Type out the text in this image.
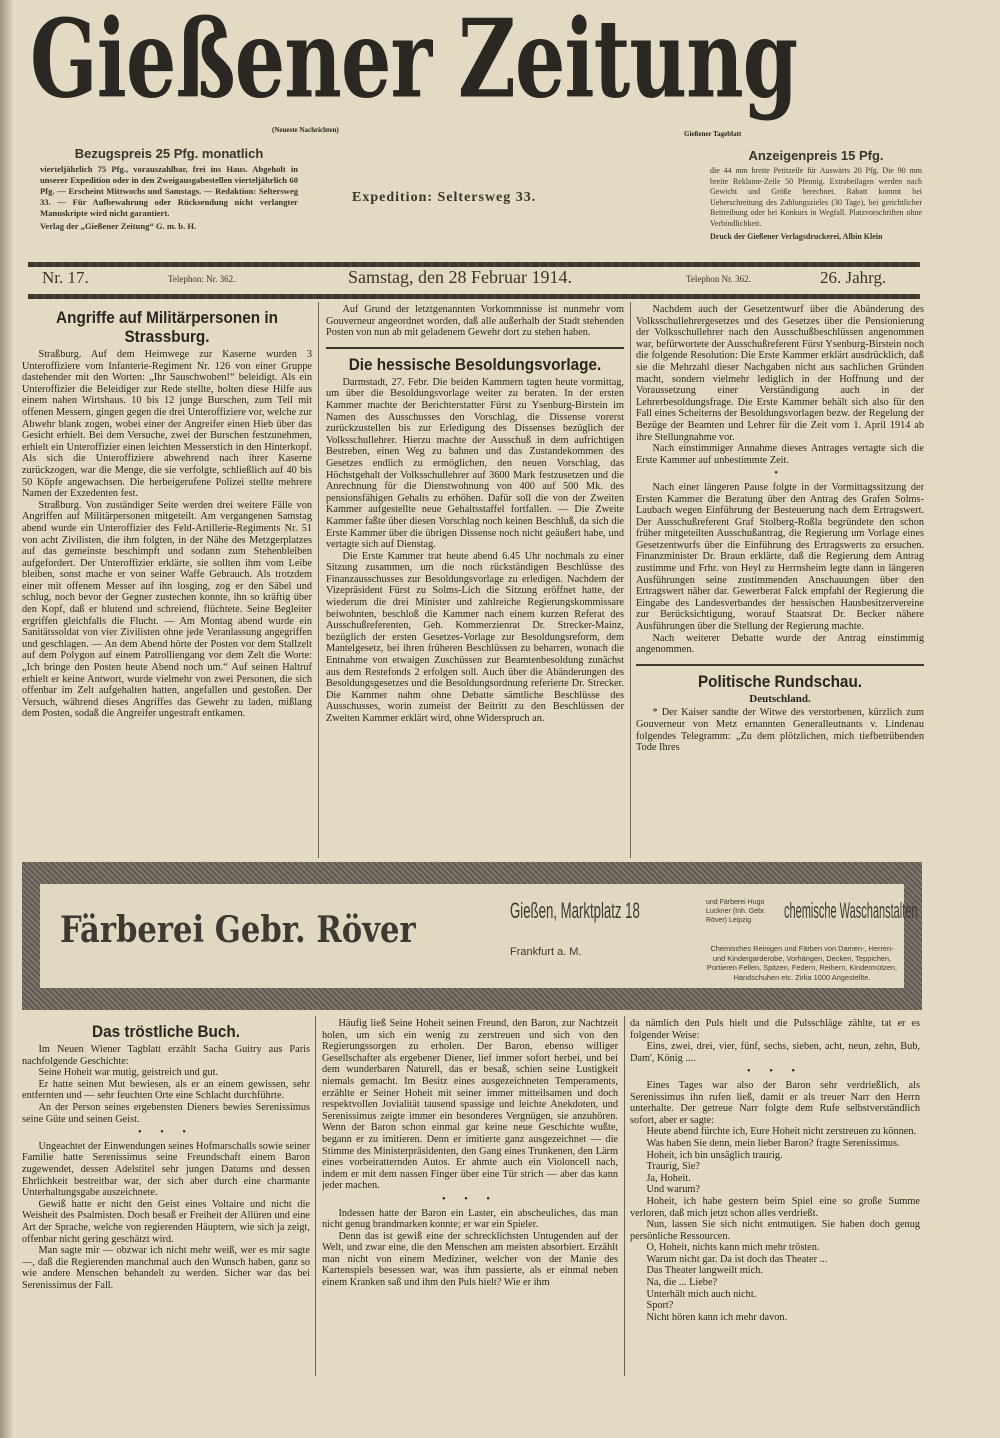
Gießener Zeitung
(Neueste Nachrichten)	Gießener Tageblatt
Bezugspreis 25 Pfg. monatlich

vierteljährlich 75 Pfg., vorauszahlbar, frei ins Haus. Abgeholt in unserer Expedition oder in den Zweigausgabestellen vierteljährlich 60 Pfg. — Erscheint Mittwochs und Samstags. — Redaktion: Seltersweg 33. — Für Aufbewahrung oder Rücksendung nicht verlangter Manuskripte wird nicht garantiert.

Verlag der „Gießener Zeitung“ G. m. b. H.

Expedition: Seltersweg 33.
Anzeigenpreis 15 Pfg.

die 44 mm breite Petitzeile für Auswärts 20 Pfg. Die 90 mm breite Reklame-Zeile 50 Pfennig. Extrabeilagen werden nach Gewicht und Größe berechnet. Rabatt kommt bei Ueberschreitung des Zahlungszieles (30 Tage), bei gerichtlicher Beitreibung oder bei Konkurs in Wegfall. Platzvorschriften ohne Verbindlichkeit.

Druck der Gießener Verlagsdruckerei, Albin Klein

Nr. 17.	Telephon: Nr. 362.	Samstag, den 28 Februar 1914.	Telephon Nr. 362.	26. Jahrg.
Angriffe auf Militärpersonen in Strassburg.

Straßburg. Auf dem Heimwege zur Kaserne wurden 3 Unteroffiziere vom Infanterie-Regiment Nr. 126 von einer Gruppe dastehender mit den Worten: „Ihr Sauschwoben!“ beleidigt. Als ein Unteroffizier die Beleidiger zur Rede stellte, holten diese Hilfe aus einem nahen Wirtshaus. 10 bis 12 junge Burschen, zum Teil mit offenen Messern, gingen gegen die drei Unteroffiziere vor, welche zur Abwehr blank zogen, wobei einer der Angreifer einen Hieb über das Gesicht erhielt. Bei dem Versuche, zwei der Burschen festzunehmen, erhielt ein Unteroffizier einen leichten Messerstich in den Hinterkopf. Als sich die Unteroffiziere abwehrend nach ihrer Kaserne zurückzogen, war die Menge, die sie verfolgte, schließlich auf 40 bis 50 Köpfe angewachsen. Die herbeigerufene Polizei stellte mehrere Namen der Exzedenten fest.

Straßburg. Von zuständiger Seite werden drei weitere Fälle von Angriffen auf Militärpersonen mitgeteilt. Am vergangenen Samstag abend wurde ein Unteroffizier des Feld-Artillerie-Regiments Nr. 51 von acht Zivilisten, die ihm folgten, in der Nähe des Metzgerplatzes auf das gemeinste beschimpft und sodann zum Stehenbleiben aufgefordert. Der Unteroffizier erklärte, sie sollten ihm vom Leibe bleiben, sonst mache er von seiner Waffe Gebrauch. Als trotzdem einer mit offenem Messer auf ihn losging, zog er den Säbel und schlug, noch bevor der Gegner zustechen konnte, ihn so kräftig über den Kopf, daß er blutend und schreiend, flüchtete. Seine Begleiter ergriffen gleichfalls die Flucht. — Am Montag abend wurde ein Sanitätssoldat von vier Zivilisten ohne jede Veranlassung angegriffen und geschlagen. — An dem Abend hörte der Posten vor dem Stallzelt auf dem Polygon auf einem Patrolliengang vor dem Zelt die Worte: „Ich bringe den Posten heute Abend noch um.“ Auf seinen Haltruf erhielt er keine Antwort, wurde vielmehr von zwei Personen, die sich offenbar im Zelt aufgehalten hatten, angefallen und gestoßen. Der Versuch, während dieses Angriffes das Gewehr zu laden, mißlang dem Posten, sodaß die Angreifer ungestraft entkamen.

Auf Grund der letztgenannten Vorkommnisse ist nunmehr vom Gouverneur angeordnet worden, daß alle außerhalb der Stadt stehenden Posten von nun ab mit geladenem Gewehr dort zu stehen haben.

Die hessische Besoldungsvorlage.

Darmstadt, 27. Febr. Die beiden Kammern tagten heute vormittag, um über die Besoldungsvorlage weiter zu beraten. In der ersten Kammer machte der Berichterstatter Fürst zu Ysenburg-Birstein im Namen des Ausschusses den Vorschlag, die Dissense vorerst zurückzustellen bis zur Erledigung des Dissenses bezüglich der Volksschullehrer. Hierzu machte der Ausschuß in dem aufrichtigen Bestreben, einen Weg zu bahnen und das Zustandekommen des Gesetzes endlich zu ermöglichen, den neuen Vorschlag, das Höchstgehalt der Volksschullehrer auf 3600 Mark festzusetzen und die Anrechnung für die Dienstwohnung von 400 auf 500 Mk. des pensionsfähigen Gehalts zu erhöhen. Dafür soll die von der Zweiten Kammer aufgestellte neue Gehaltsstaffel fortfallen. — Die Zweite Kammer faßte über diesen Vorschlag noch keinen Beschluß, da sich die Erste Kammer über die übrigen Dissense noch nicht geäußert habe, und vertagte sich auf Dienstag.

Die Erste Kammer trat heute abend 6.45 Uhr nochmals zu einer Sitzung zusammen, um die noch rückständigen Beschlüsse des Finanzausschusses zur Besoldungsvorlage zu erledigen. Nachdem der Vizepräsident Fürst zu Solms-Lich die Sitzung eröffnet hatte, der wiederum die drei Minister und zahlreiche Regierungskommissare beiwohnten, beschloß die Kammer nach einem kurzen Referat des Ausschußreferenten, Geh. Kommerzienrat Dr. Strecker-Mainz, bezüglich der ersten Gesetzes-Vorlage zur Besoldungsreform, dem Mantelgesetz, bei ihren früheren Beschlüssen zu beharren, wonach die Entnahme von etwaigen Zuschüssen zur Beamtenbesoldung zunächst aus dem Restefonds 2 erfolgen soll. Auch über die Abänderungen des Besoldungsgesetzes und die Besoldungsordnung referierte Dr. Strecker. Die Kammer nahm ohne Debatte sämtliche Beschlüsse des Ausschusses, worin zumeist der Beitritt zu den Beschlüssen der Zweiten Kammer erklärt wird, ohne Widerspruch an.

Nachdem auch der Gesetzentwurf über die Abänderung des Volksschullehrergesetzes und des Gesetzes über die Pensionierung der Volksschullehrer nach den Ausschußbeschlüssen angenommen war, befürwortete der Ausschußreferent Fürst Ysenburg-Birstein noch die folgende Resolution: Die Erste Kammer erklärt ausdrücklich, daß sie die Mehrzahl dieser Nachgaben nicht aus sachlichen Gründen macht, sondern vielmehr lediglich in der Hoffnung und der Voraussetzung einer Verständigung auch in der Lehrerbesoldungsfrage. Die Erste Kammer behält sich also für den Fall eines Scheiterns der Besoldungsvorlagen bezw. der Regelung der Bezüge der Beamten und Lehrer für die Zeit vom 1. April 1914 ab ihre Stellungnahme vor.

Nach einstimmiger Annahme dieses Antrages vertagte sich die Erste Kammer auf unbestimmte Zeit.

•

Nach einer längeren Pause folgte in der Vormittagssitzung der Ersten Kammer die Beratung über den Antrag des Grafen Solms-Laubach wegen Einführung der Besteuerung nach dem Ertragswert. Der Ausschußreferent Graf Stolberg-Roßla begründete den schon früher mitgeteilten Ausschußantrag, die Regierung um Vorlage eines Gesetzentwurfs über die Einführung des Ertragswerts zu ersuchen. Finanzminister Dr. Braun erklärte, daß die Regierung dem Antrag zustimme und Frhr. von Heyl zu Herrnsheim legte dann in längeren Ausführungen seine zustimmenden Anschauungen über den Ertragswert näher dar. Gewerberat Falck empfahl der Regierung die Eingabe des Landesverbandes der hessischen Hausbesitzervereine zur Berücksichtigung, worauf Staatsrat Dr. Becker nähere Ausführungen über die Stellung der Regierung machte.

Nach weiterer Debatte wurde der Antrag einstimmig angenommen.

Politische Rundschau.
Deutschland.

* Der Kaiser sandte der Witwe des verstorbenen, kürzlich zum Gouverneur von Metz ernannten Generalleutnants v. Lindenau folgendes Telegramm: „Zu dem plötzlichen, mich tiefbetrübenden Tode Ihres

Färberei Gebr. Röver	Gießen, Marktplatz 18
Frankfurt a. M.
und Färberei Hugo Luckner (Inh. Gebr. Röver) Leipzig	chemische Waschanstalten
Chemisches Reinigen und Färben von Damen-, Herren- und Kindergarderobe, Vorhängen, Decken, Teppichen, Portieren Fellen, Spitzen, Federn, Reihern, Kindermützen, Handschuhen etc. Zirka 1000 Angestellte.
Das tröstliche Buch.

Im Neuen Wiener Tagblatt erzählt Sacha Guitry aus Paris nachfolgende Geschichte:

Seine Hoheit war mutig, geistreich und gut.

Er hatte seinen Mut bewiesen, als er an einem gewissen, sehr entfernten und — sehr feuchten Orte eine Schlacht durchführte.

An der Person seines ergebensten Dieners bewies Serenissimus seine Güte und seinen Geist.

• • •

Ungeachtet der Einwendungen seines Hofmarschalls sowie seiner Familie hatte Serenissimus seine Freundschaft einem Baron zugewendet, dessen Adelstitel sehr jungen Datums und dessen Ehrlichkeit bestreitbar war, der sich aber durch eine charmante Unterhaltungsgabe auszeichnete.

Gewiß hatte er nicht den Geist eines Voltaire und nicht die Weisheit des Psalmisten. Doch besaß er Freiheit der Allüren und eine Art der Sprache, welche von regierenden Häuptern, wie sich ja zeigt, offenbar nicht gering geschätzt wird.

Man sagte mir — obzwar ich nicht mehr weiß, wer es mir sagte —, daß die Regierenden manchmal auch den Wunsch haben, ganz so wie andere Menschen behandelt zu werden. Sicher war das bei Serenissimus der Fall.

Häufig ließ Seine Hoheit seinen Freund, den Baron, zur Nachtzeit holen, um sich ein wenig zu zerstreuen und sich von den Regierungssorgen zu erholen. Der Baron, ebenso williger Gesellschafter als ergebener Diener, lief immer sofort herbei, und bei dem wunderbaren Naturell, das er besaß, schien seine Lustigkeit niemals gemacht. Im Besitz eines ausgezeichneten Temperaments, erzählte er Seiner Hoheit mit seiner immer mitteilsamen und doch respektvollen Jovialität tausend spassige und leichte Anekdoten, und Serenissimus zeigte immer ein besonderes Vergnügen, sie anzuhören. Wenn der Baron schon einmal gar keine neue Geschichte wußte, begann er zu imitieren. Denn er imitierte ganz ausgezeichnet — die Stimme des Ministerpräsidenten, den Gang eines Trunkenen, den Lärm eines vorbeiratternden Autos. Er ahmte auch ein Violoncell nach, indem er mit dem nassen Finger über eine Tür strich — aber das kann jeder machen.

• • •

Indessen hatte der Baron ein Laster, ein abscheuliches, das man nicht genug brandmarken konnte; er war ein Spieler.

Denn das ist gewiß eine der schrecklichsten Untugenden auf der Welt, und zwar eine, die den Menschen am meisten absorbiert. Erzählt man nicht von einem Mediziner, welcher von der Manie des Kartenspiels besessen war, was ihm passierte, als er einmal neben einem Kranken saß und ihm den Puls hielt? Wie er ihm

da nämlich den Puls hielt und die Pulsschläge zählte, tat er es folgender Weise:

Eins, zwei, drei, vier, fünf, sechs, sieben, acht, neun, zehn, Bub, Dam', König ....

• • •

Eines Tages war also der Baron sehr verdrießlich, als Serenissimus ihn rufen ließ, damit er als treuer Narr den Herrn unterhalte. Der getreue Narr folgte dem Rufe selbstverständlich sofort, aber er sagte:

Heute abend fürchte ich, Eure Hoheit nicht zerstreuen zu können.

Was haben Sie denn, mein lieber Baron? fragte Serenissimus.

Hoheit, ich bin unsäglich traurig.

Traurig, Sie?

Ja, Hoheit.

Und warum?

Hoheit, ich habe gestern beim Spiel eine so große Summe verloren, daß mich jetzt schon alles verdrießt.

Nun, lassen Sie sich nicht entmutigen. Sie haben doch genug persönliche Ressourcen.

O, Hoheit, nichts kann mich mehr trösten.

Warum nicht gar. Da ist doch das Theater ...

Das Theater langweilt mich.

Na, die ... Liebe?

Unterhält mich auch nicht.

Sport?

Nicht hören kann ich mehr davon.
